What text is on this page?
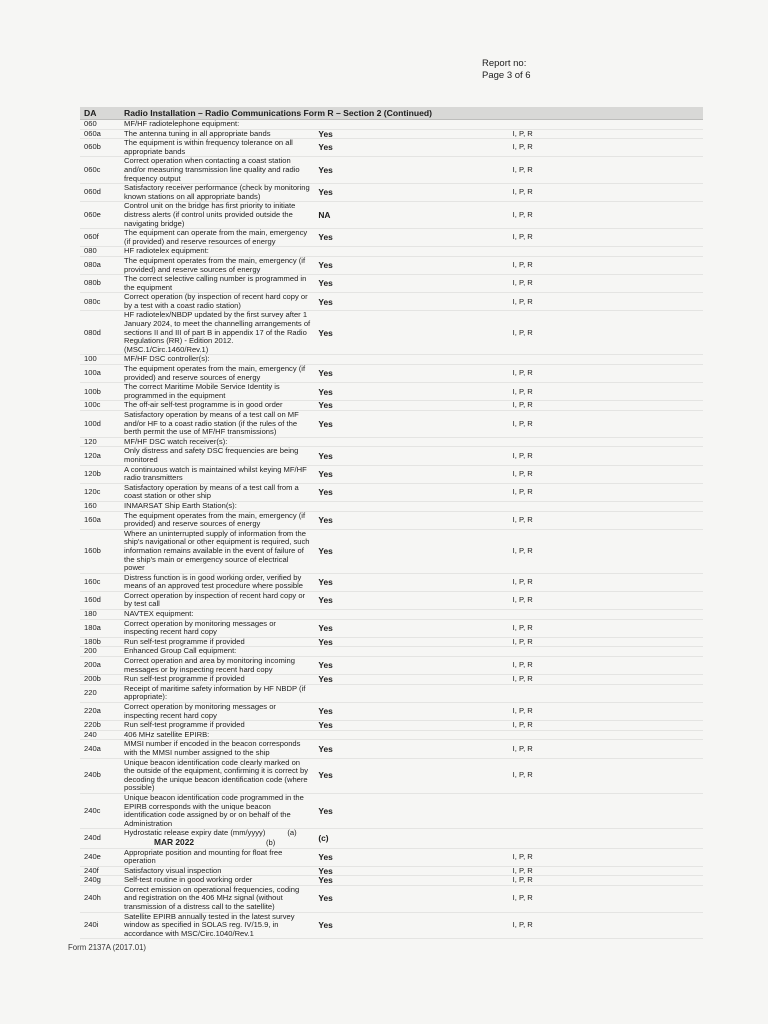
Report no:
Page 3 of 6
DA	Radio Installation – Radio Communications Form R – Section 2 (Continued)		
060	MF/HF radiotelephone equipment:		
060a	The antenna tuning in all appropriate bands	Yes	I, P, R
060b	The equipment is within frequency tolerance on all appropriate bands	Yes	I, P, R
060c	Correct operation when contacting a coast station and/or measuring transmission line quality and radio frequency output	Yes	I, P, R
060d	Satisfactory receiver performance (check by monitoring known stations on all appropriate bands)	Yes	I, P, R
060e	Control unit on the bridge has first priority to initiate distress alerts (if control units provided outside the navigating bridge)	NA	I, P, R
060f	The equipment can operate from the main, emergency (if provided) and reserve resources of energy	Yes	I, P, R
080	HF radiotelex equipment:		
080a	The equipment operates from the main, emergency (if provided) and reserve sources of energy	Yes	I, P, R
080b	The correct selective calling number is programmed in the equipment	Yes	I, P, R
080c	Correct operation (by inspection of recent hard copy or by a test with a coast radio station)	Yes	I, P, R
080d	HF radiotelex/NBDP updated by the first survey after 1 January 2024, to meet the channelling arrangements of sections II and III of part B in appendix 17 of the Radio Regulations (RR) - Edition 2012. (MSC.1/Circ.1460/Rev.1)	Yes	I, P, R
100	MF/HF DSC controller(s):		
100a	The equipment operates from the main, emergency (if provided) and reserve sources of energy	Yes	I, P, R
100b	The correct Maritime Mobile Service Identity is programmed in the equipment	Yes	I, P, R
100c	The off-air self-test programme is in good order	Yes	I, P, R
100d	Satisfactory operation by means of a test call on MF and/or HF to a coast radio station (if the rules of the berth permit the use of MF/HF transmissions)	Yes	I, P, R
120	MF/HF DSC watch receiver(s):		
120a	Only distress and safety DSC frequencies are being monitored	Yes	I, P, R
120b	A continuous watch is maintained whilst keying MF/HF radio transmitters	Yes	I, P, R
120c	Satisfactory operation by means of a test call from a coast station or other ship	Yes	I, P, R
160	INMARSAT Ship Earth Station(s):		
160a	The equipment operates from the main, emergency (if provided) and reserve sources of energy	Yes	I, P, R
160b	Where an uninterrupted supply of information from the ship's navigational or other equipment is required, such information remains available in the event of failure of the ship's main or emergency source of electrical power	Yes	I, P, R
160c	Distress function is in good working order, verified by means of an approved test procedure where possible	Yes	I, P, R
160d	Correct operation by inspection of recent hard copy or by test call	Yes	I, P, R
180	NAVTEX equipment:		
180a	Correct operation by monitoring messages or inspecting recent hard copy	Yes	I, P, R
180b	Run self-test programme if provided	Yes	I, P, R
200	Enhanced Group Call equipment:		
200a	Correct operation and area by monitoring incoming messages or by inspecting recent hard copy	Yes	I, P, R
200b	Run self-test programme if provided	Yes	I, P, R
220	Receipt of maritime safety information by HF NBDP (if appropriate):		
220a	Correct operation by monitoring messages or inspecting recent hard copy	Yes	I, P, R
220b	Run self-test programme if provided	Yes	I, P, R
240	406 MHz satellite EPIRB:		
240a	MMSI number if encoded in the beacon corresponds with the MMSI number assigned to the ship	Yes	I, P, R
240b	Unique beacon identification code clearly marked on the outside of the equipment, confirming it is correct by decoding the unique beacon identification code (where possible)	Yes	I, P, R
240c	Unique beacon identification code programmed in the EPIRB corresponds with the unique beacon identification code assigned by or on behalf of the Administration	Yes	
240d	Hydrostatic release expiry date (mm/yyyy) (a)MAR 2022 (b)	(c)	
240e	Appropriate position and mounting for float free operation	Yes	I, P, R
240f	Satisfactory visual inspection	Yes	I, P, R
240g	Self-test routine in good working order	Yes	I, P, R
240h	Correct emission on operational frequencies, coding and registration on the 406 MHz signal (without transmission of a distress call to the satellite)	Yes	I, P, R
240i	Satellite EPIRB annually tested in the latest survey window as specified in SOLAS reg. IV/15.9, in accordance with MSC/Circ.1040/Rev.1	Yes	I, P, R
Form 2137A (2017.01)
